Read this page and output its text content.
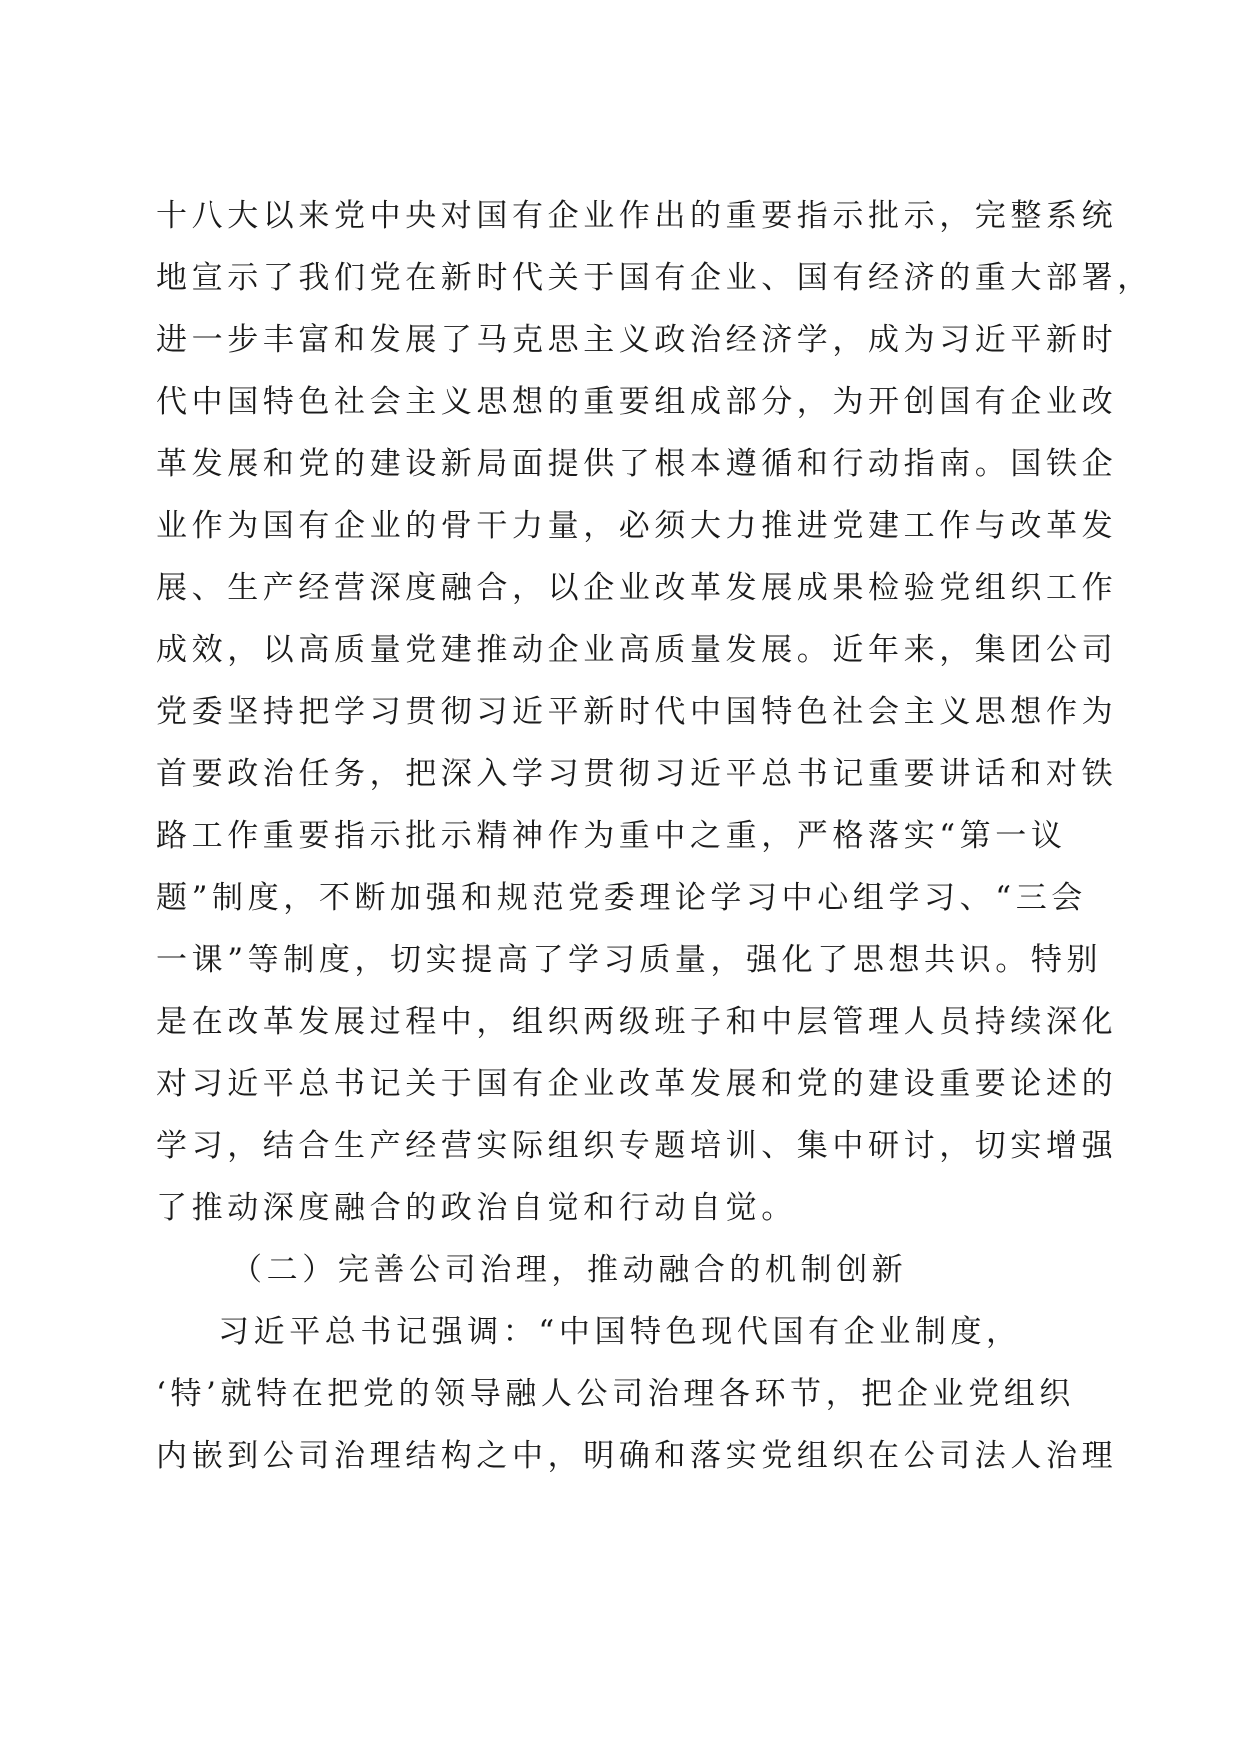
十八大以来党中央对国有企业作出的重要指示批示，完整系统
地宣示了我们党在新时代关于国有企业、国有经济的重大部署，
进一步丰富和发展了马克思主义政治经济学，成为习近平新时
代中国特色社会主义思想的重要组成部分，为开创国有企业改
革发展和党的建设新局面提供了根本遵循和行动指南。国铁企
业作为国有企业的骨干力量，必须大力推进党建工作与改革发
展、生产经营深度融合，以企业改革发展成果检验党组织工作
成效，以高质量党建推动企业高质量发展。近年来，集团公司
党委坚持把学习贯彻习近平新时代中国特色社会主义思想作为
首要政治任务，把深入学习贯彻习近平总书记重要讲话和对铁
路工作重要指示批示精神作为重中之重，严格落实“第一议
题”制度，不断加强和规范党委理论学习中心组学习、“三会
一课”等制度，切实提高了学习质量，强化了思想共识。特别
是在改革发展过程中，组织两级班子和中层管理人员持续深化
对习近平总书记关于国有企业改革发展和党的建设重要论述的
学习，结合生产经营实际组织专题培训、集中研讨，切实增强
了推动深度融合的政治自觉和行动自觉。
（二）完善公司治理，推动融合的机制创新
习近平总书记强调：“中国特色现代国有企业制度，
‘特’就特在把党的领导融人公司治理各环节，把企业党组织
内嵌到公司治理结构之中，明确和落实党组织在公司法人治理
